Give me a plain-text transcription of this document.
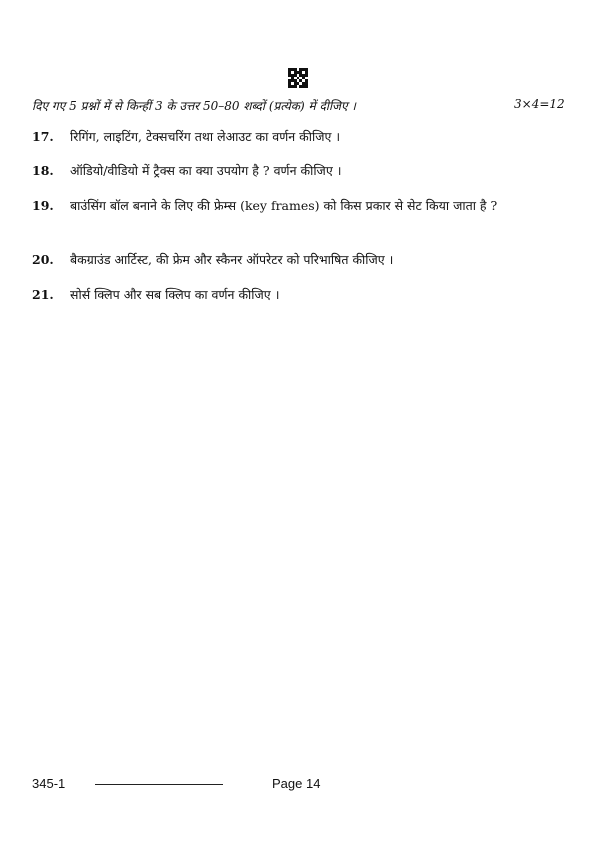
दिए गए 5 प्रश्नों में से किन्हीं 3 के उत्तर 50–80 शब्दों (प्रत्येक) में दीजिए ।	3×4=12
17.	रिगिंग, लाइटिंग, टेक्सचरिंग तथा लेआउट का वर्णन कीजिए ।
18.	ऑडियो/वीडियो में ट्रैक्स का क्या उपयोग है ? वर्णन कीजिए ।
19.	बाउंसिंग बॉल बनाने के लिए की फ्रेम्स (key frames) को किस प्रकार से सेट किया जाता है ?
20.	बैकग्राउंड आर्टिस्ट, की फ्रेम और स्कैनर ऑपरेटर को परिभाषित कीजिए ।
21.	सोर्स क्लिप और सब क्लिप का वर्णन कीजिए ।
345-1	Page 14
